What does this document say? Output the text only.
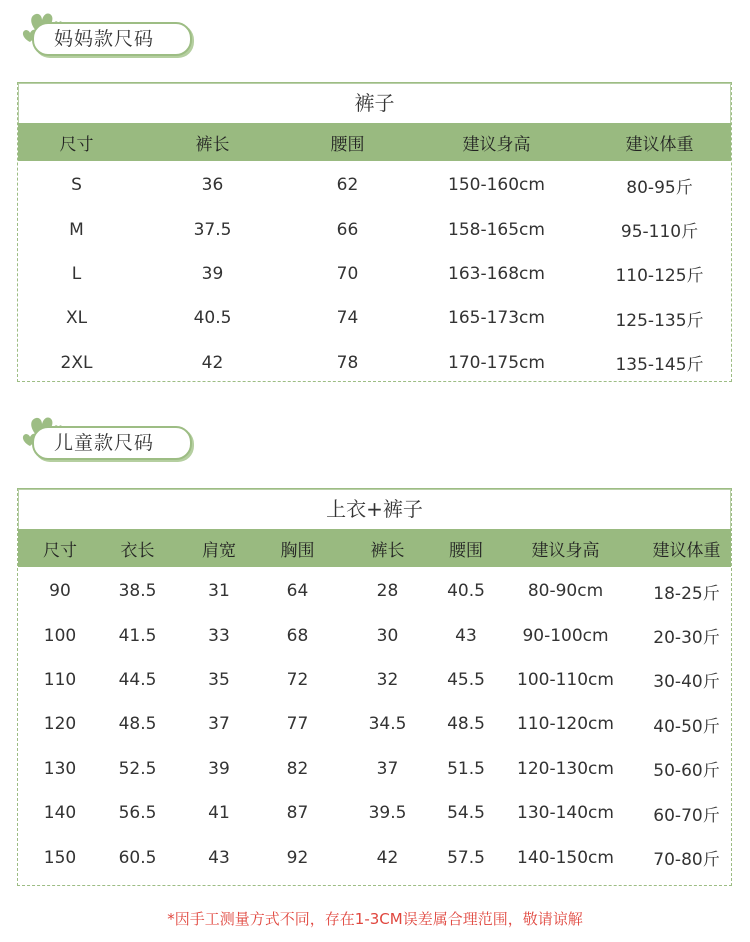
妈妈款尺码
裤子
尺寸	裤长	腰围	建议身高	建议体重
S	36	62	150-160cm	80-95斤
M	37.5	66	158-165cm	95-110斤
L	39	70	163-168cm	110-125斤
XL	40.5	74	165-173cm	125-135斤
2XL	42	78	170-175cm	135-145斤
儿童款尺码
上衣+裤子
尺寸	衣长	肩宽	胸围	裤长	腰围	建议身高	建议体重
90	38.5	31	64	28	40.5	80-90cm	18-25斤
100	41.5	33	68	30	43	90-100cm	20-30斤
110	44.5	35	72	32	45.5	100-110cm	30-40斤
120	48.5	37	77	34.5	48.5	110-120cm	40-50斤
130	52.5	39	82	37	51.5	120-130cm	50-60斤
140	56.5	41	87	39.5	54.5	130-140cm	60-70斤
150	60.5	43	92	42	57.5	140-150cm	70-80斤
*因手工测量方式不同，存在1-3CM误差属合理范围，敬请谅解
